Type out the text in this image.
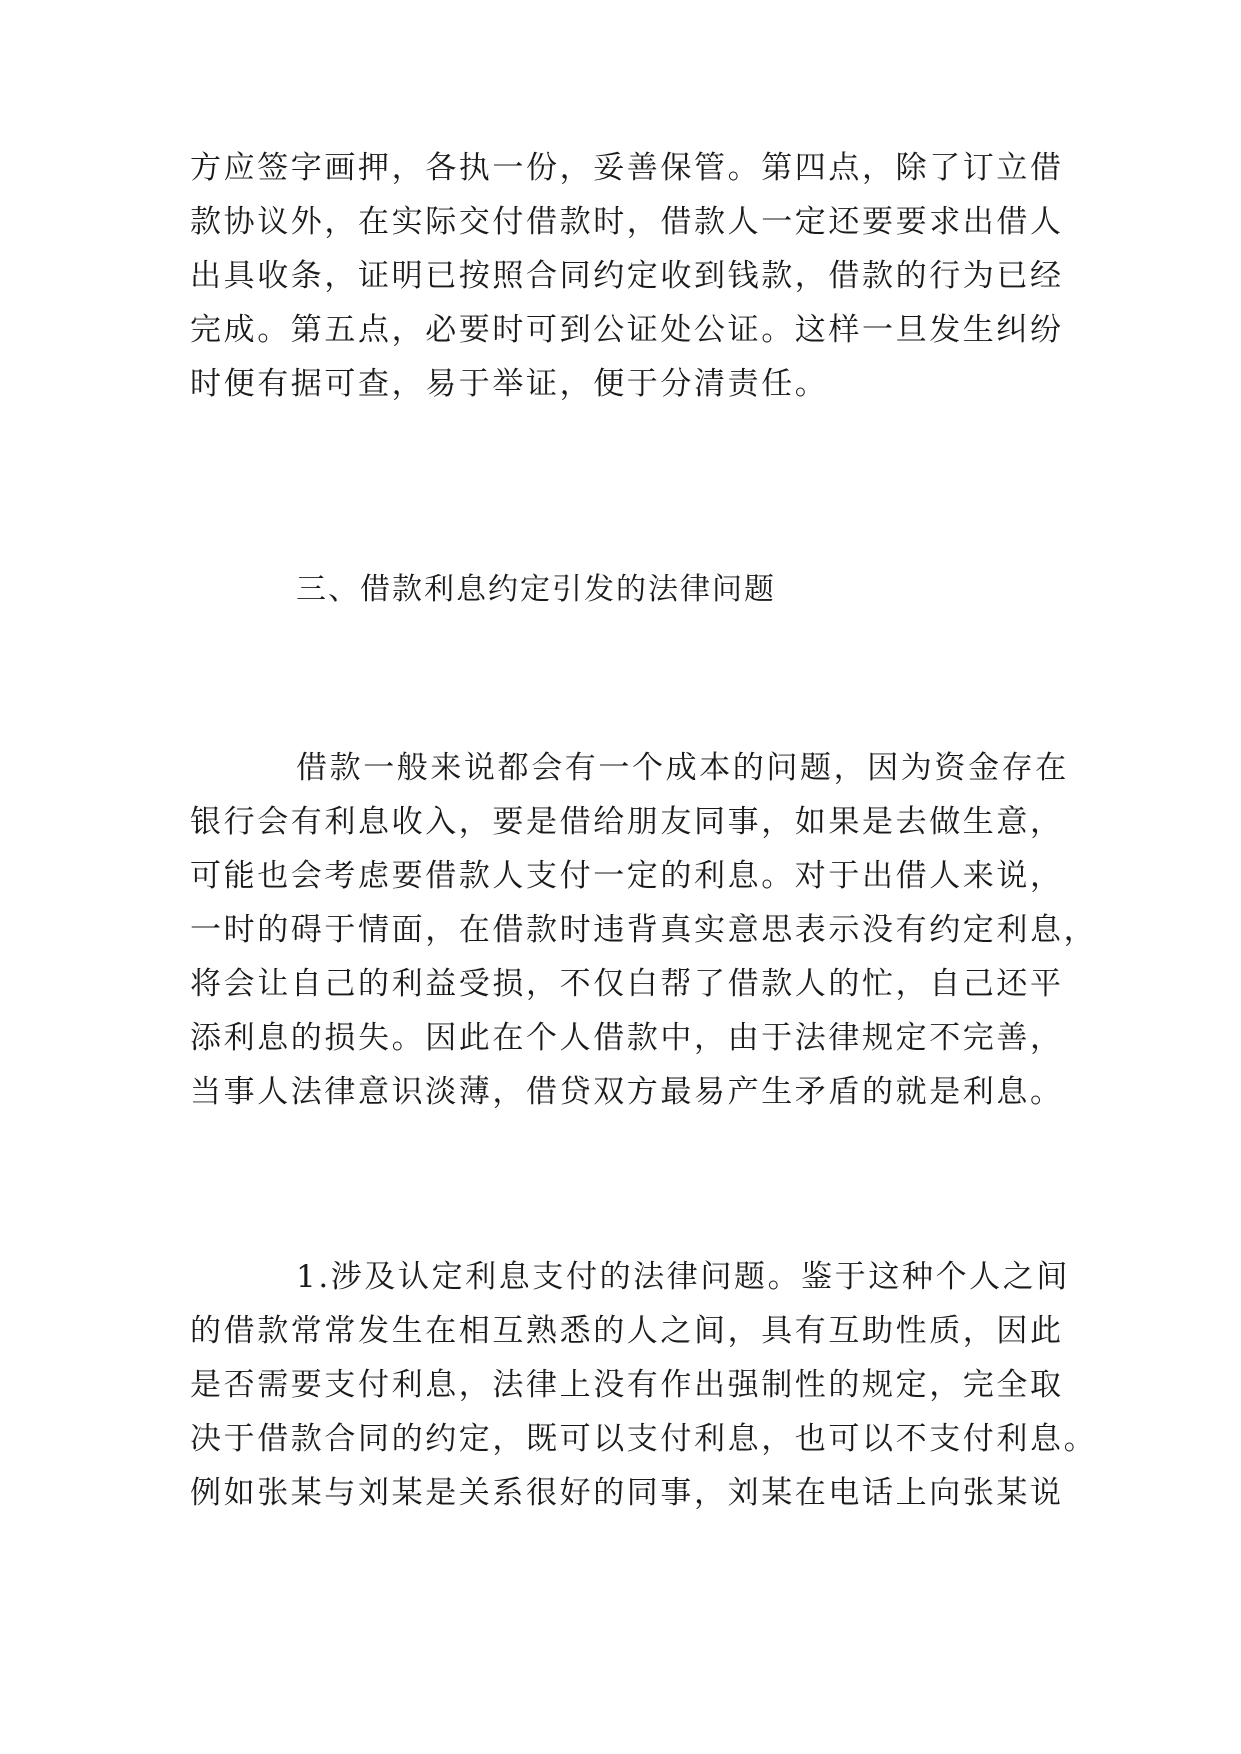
方应签字画押，各执一份，妥善保管。第四点，除了订立借
款协议外，在实际交付借款时，借款人一定还要要求出借人
出具收条，证明已按照合同约定收到钱款，借款的行为已经
完成。第五点，必要时可到公证处公证。这样一旦发生纠纷
时便有据可查，易于举证，便于分清责任。
三、借款利息约定引发的法律问题
借款一般来说都会有一个成本的问题，因为资金存在
银行会有利息收入，要是借给朋友同事，如果是去做生意，
可能也会考虑要借款人支付一定的利息。对于出借人来说，
一时的碍于情面，在借款时违背真实意思表示没有约定利息，
将会让自己的利益受损，不仅白帮了借款人的忙，自己还平
添利息的损失。因此在个人借款中，由于法律规定不完善，
当事人法律意识淡薄，借贷双方最易产生矛盾的就是利息。
1.涉及认定利息支付的法律问题。鉴于这种个人之间
的借款常常发生在相互熟悉的人之间，具有互助性质，因此
是否需要支付利息，法律上没有作出强制性的规定，完全取
决于借款合同的约定，既可以支付利息，也可以不支付利息。
例如张某与刘某是关系很好的同事，刘某在电话上向张某说
